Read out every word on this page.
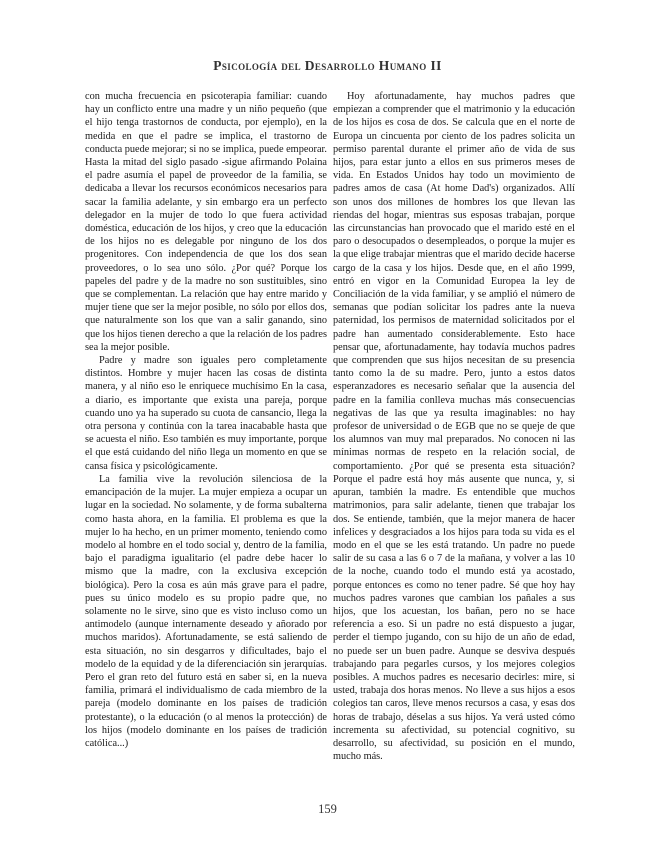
Psicología del Desarrollo Humano II

con mucha frecuencia en psicoterapia familiar: cuando hay un conflicto entre una madre y un niño pequeño (que el hijo tenga trastornos de conducta, por ejemplo), en la medida en que el padre se implica, el trastorno de conducta puede mejorar; si no se implica, puede empeorar. Hasta la mitad del siglo pasado -sigue afirmando Polaina el padre asumía el papel de proveedor de la familia, se dedicaba a llevar los recursos económicos necesarios para sacar la familia adelante, y sin embargo era un perfecto delegador en la mujer de todo lo que fuera actividad doméstica, educación de los hijos, y creo que la educación de los hijos no es delegable por ninguno de los dos progenitores. Con independencia de que los dos sean proveedores, o lo sea uno sólo. ¿Por qué? Porque los papeles del padre y de la madre no son sustituibles, sino que se complementan. La relación que hay entre marido y mujer tiene que ser la mejor posible, no sólo por ellos dos, que naturalmente son los que van a salir ganando, sino que los hijos tienen derecho a que la relación de los padres sea la mejor posible.

Padre y madre son iguales pero completamente distintos. Hombre y mujer hacen las cosas de distinta manera, y al niño eso le enriquece muchísimo En la casa, a diario, es importante que exista una pareja, porque cuando uno ya ha superado su cuota de cansancio, llega la otra persona y continúa con la tarea inacabable hasta que se acuesta el niño. Eso también es muy importante, porque el que está cuidando del niño llega un momento en que se cansa física y psicológicamente.

La familia vive la revolución silenciosa de la emancipación de la mujer. La mujer empieza a ocupar un lugar en la sociedad. No solamente, y de forma subalterna como hasta ahora, en la familia. El problema es que la mujer lo ha hecho, en un primer momento, teniendo como modelo al hombre en el todo social y, dentro de la familia, bajo el paradigma igualitario (el padre debe hacer lo mismo que la madre, con la exclusiva excepción biológica). Pero la cosa es aún más grave para el padre, pues su único modelo es su propio padre que, no solamente no le sirve, sino que es visto incluso como un antimodelo (aunque internamente deseado y añorado por muchos maridos). Afortunadamente, se está saliendo de esta situación, no sin desgarros y dificultades, bajo el modelo de la equidad y de la diferenciación sin jerarquías. Pero el gran reto del futuro está en saber si, en la nueva familia, primará el individualismo de cada miembro de la pareja (modelo dominante en los países de tradición protestante), o la educación (o al menos la protección) de los hijos (modelo dominante en los países de tradición católica...)

Hoy afortunadamente, hay muchos padres que empiezan a comprender que el matrimonio y la educación de los hijos es cosa de dos. Se calcula que en el norte de Europa un cincuenta por ciento de los padres solicita un permiso parental durante el primer año de vida de sus hijos, para estar junto a ellos en sus primeros meses de vida. En Estados Unidos hay todo un movimiento de padres amos de casa (At home Dad's) organizados. Allí son unos dos millones de hombres los que llevan las riendas del hogar, mientras sus esposas trabajan, porque las circunstancias han provocado que el marido esté en el paro o desocupados o desempleados, o porque la mujer es la que elige trabajar mientras que el marido decide hacerse cargo de la casa y los hijos. Desde que, en el año 1999, entró en vigor en la Comunidad Europea la ley de Conciliación de la vida familiar, y se amplió el número de semanas que podían solicitar los padres ante la nueva paternidad, los permisos de maternidad solicitados por el padre han aumentado considerablemente. Esto hace pensar que, afortunadamente, hay todavía muchos padres que comprenden que sus hijos necesitan de su presencia tanto como la de su madre. Pero, junto a estos datos esperanzadores es necesario señalar que la ausencia del padre en la familia conlleva muchas más consecuencias negativas de las que ya resulta imaginables: no hay profesor de universidad o de EGB que no se queje de que los alumnos van muy mal preparados. No conocen ni las mínimas normas de respeto en la relación social, de comportamiento. ¿Por qué se presenta esta situación? Porque el padre está hoy más ausente que nunca, y, si apuran, también la madre. Es entendible que muchos matrimonios, para salir adelante, tienen que trabajar los dos. Se entiende, también, que la mejor manera de hacer infelices y desgraciados a los hijos para toda su vida es el modo en el que se les está tratando. Un padre no puede salir de su casa a las 6 o 7 de la mañana, y volver a las 10 de la noche, cuando todo el mundo está ya acostado, porque entonces es como no tener padre. Sé que hoy hay muchos padres varones que cambian los pañales a sus hijos, que los acuestan, los bañan, pero no se hace referencia a eso. Si un padre no está dispuesto a jugar, perder el tiempo jugando, con su hijo de un año de edad, no puede ser un buen padre. Aunque se desviva después trabajando para pegarles cursos, y los mejores colegios posibles. A muchos padres es necesario decirles: mire, si usted, trabaja dos horas menos. No lleve a sus hijos a esos colegios tan caros, lleve menos recursos a casa, y esas dos horas de trabajo, déselas a sus hijos. Ya verá usted cómo incrementa su afectividad, su potencial cognitivo, su desarrollo, su afectividad, su posición en el mundo, mucho más.

159
